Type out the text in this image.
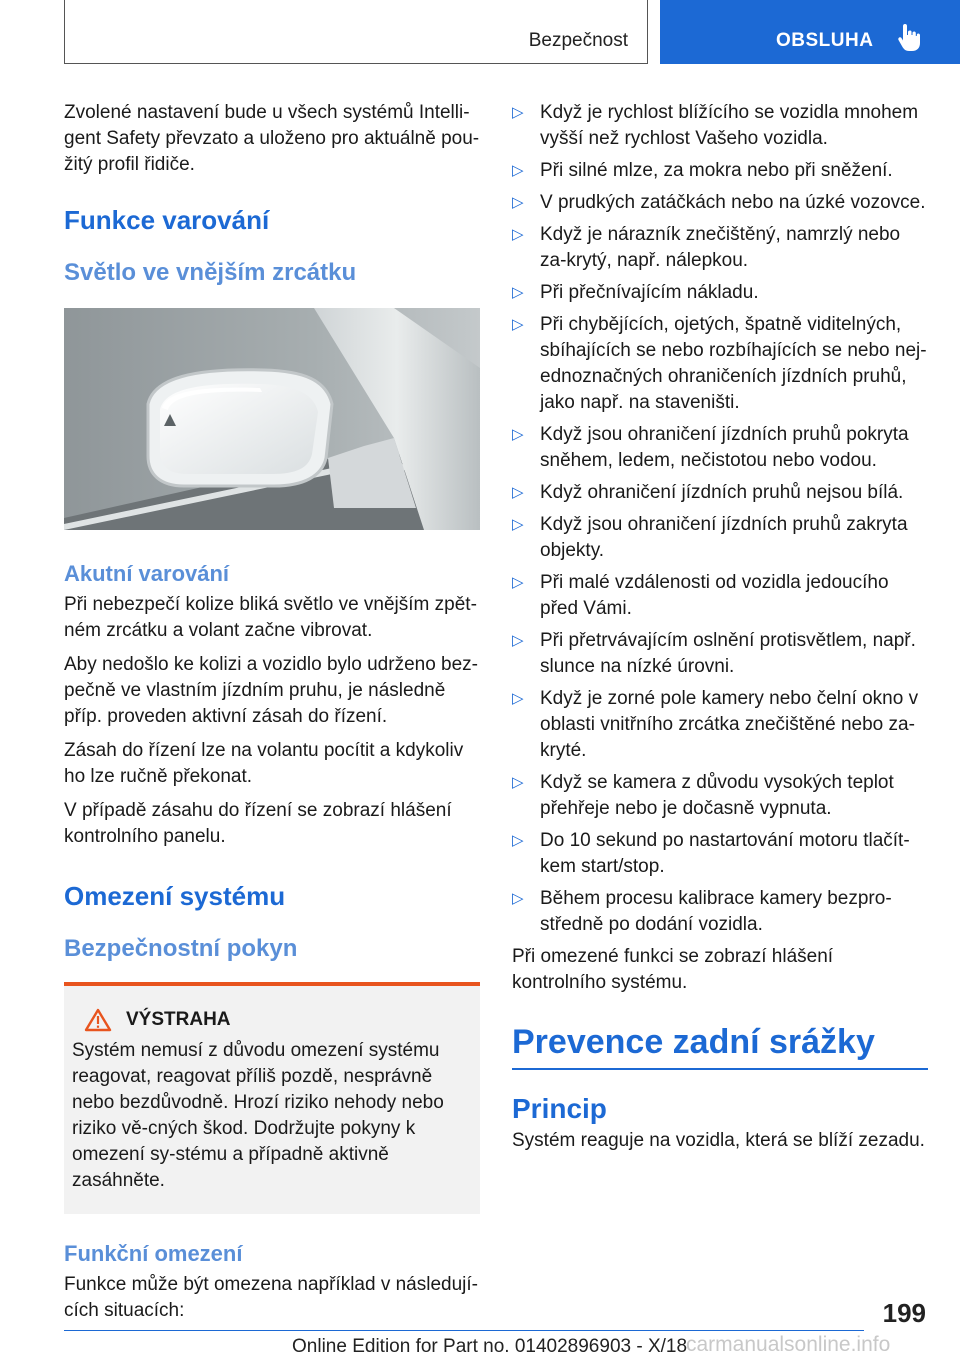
Bezpečnost	OBSLUHA

Zvolené nastavení bude u všech systémů Intelli-gent Safety převzato a uloženo pro aktuálně pou-žitý profil řidiče.

Funkce varování
Světlo ve vnějším zrcátku
Akutní varování

Při nebezpečí kolize bliká světlo ve vnějším zpět-ném zrcátku a volant začne vibrovat.

Aby nedošlo ke kolizi a vozidlo bylo udrženo bez-pečně ve vlastním jízdním pruhu, je následně příp. proveden aktivní zásah do řízení.

Zásah do řízení lze na volantu pocítit a kdykoliv ho lze ručně překonat.

V případě zásahu do řízení se zobrazí hlášení kontrolního panelu.

Omezení systému
Bezpečnostní pokyn
VÝSTRAHA

Systém nemusí z důvodu omezení systému reagovat, reagovat příliš pozdě, nesprávně nebo bezdůvodně. Hrozí riziko nehody nebo riziko vě-cných škod. Dodržujte pokyny k omezení sy-stému a případně aktivně zasáhněte.

Funkční omezení

Funkce může být omezena například v následují-cích situacích:

▷ Když je rychlost blížícího se vozidla mnohem vyšší než rychlost Vašeho vozidla.
▷ Při silné mlze, za mokra nebo při sněžení.
▷ V prudkých zatáčkách nebo na úzké vozovce.
▷ Když je nárazník znečištěný, namrzlý nebo za-krytý, např. nálepkou.
▷ Při přečnívajícím nákladu.
▷ Při chybějících, ojetých, špatně viditelných, sbíhajících se nebo rozbíhajících se nebo nej-ednoznačných ohraničeních jízdních pruhů, jako např. na staveništi.
▷ Když jsou ohraničení jízdních pruhů pokryta sněhem, ledem, nečistotou nebo vodou.
▷ Když ohraničení jízdních pruhů nejsou bílá.
▷ Když jsou ohraničení jízdních pruhů zakryta objekty.
▷ Při malé vzdálenosti od vozidla jedoucího před Vámi.
▷ Při přetrvávajícím oslnění protisvětlem, např. slunce na nízké úrovni.
▷ Když je zorné pole kamery nebo čelní okno v oblasti vnitřního zrcátka znečištěné nebo za-kryté.
▷ Když se kamera z důvodu vysokých teplot přehřeje nebo je dočasně vypnuta.
▷ Do 10 sekund po nastartování motoru tlačít-kem start/stop.
▷ Během procesu kalibrace kamery bezpro-středně po dodání vozidla.

Při omezené funkci se zobrazí hlášení kontrolního systému.

Prevence zadní srážky
Princip

Systém reaguje na vozidla, která se blíží zezadu.

199
Online Edition for Part no. 01402896903 - X/18
carmanualsonline.info
